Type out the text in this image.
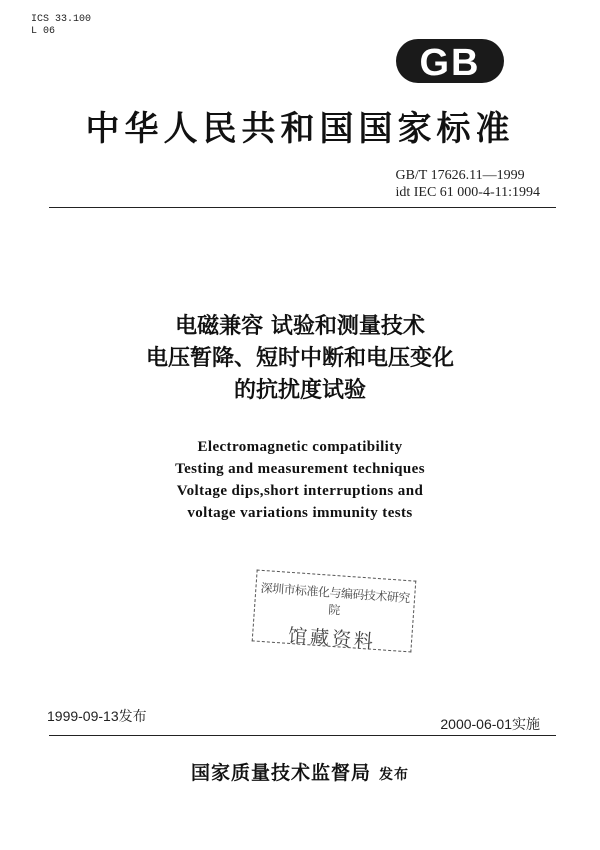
ICS 33.100
L 06
GB
中华人民共和国国家标准
GB/T 17626.11—1999
idt IEC 61 000-4-11:1994
电磁兼容 试验和测量技术
电压暂降、短时中断和电压变化
的抗扰度试验
Electromagnetic compatibility
Testing and measurement techniques
Voltage dips,short interruptions and
voltage variations immunity tests
深圳市标准化与编码技术研究院
馆藏资料
1999-09-13发布	2000-06-01实施
国家质量技术监督局 发布
